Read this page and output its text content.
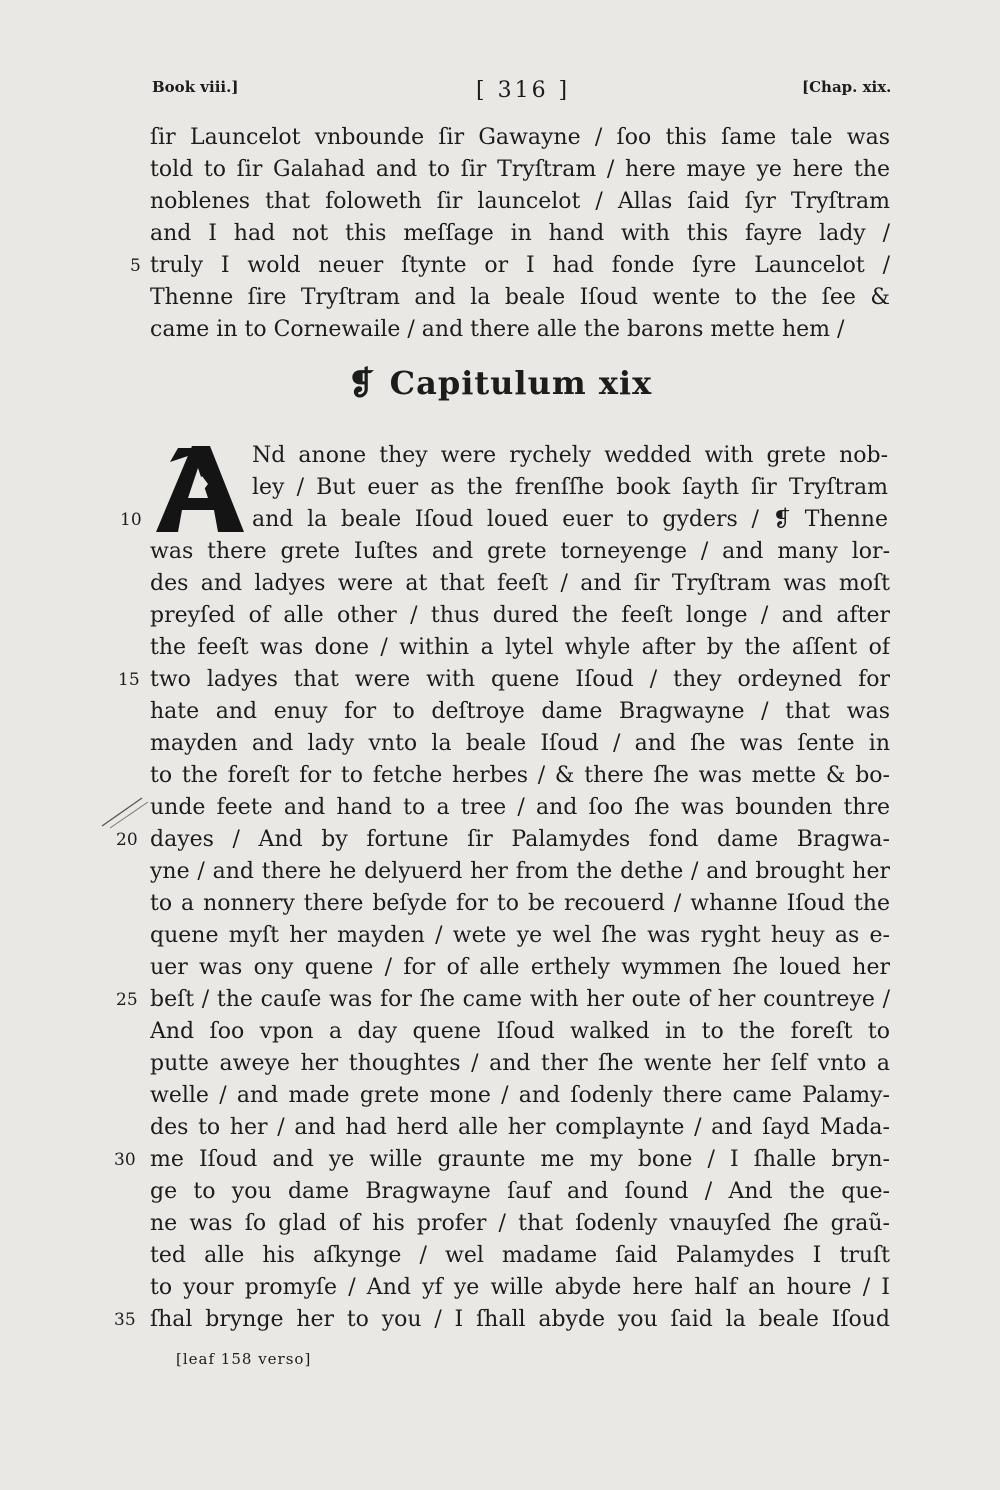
Book viii.]	[ 316 ]	[Chap. xix.
ſir Launcelot vnbounde ſir Gawayne / ſoo this ſame tale was
told to ſir Galahad and to ſir Tryſtram / here maye ye here the
noblenes that foloweth ſir launcelot / Allas ſaid ſyr Tryſtram
and I had not this meſſage in hand with this fayre lady /
truly I wold neuer ſtynte or I had fonde ſyre Launcelot /
Thenne ſire Tryſtram and la beale Iſoud wente to the ſee &
came in to Cornewaile / and there alle the barons mette hem /
5
❡ Capitulum xix
Nd anone they were rychely wedded with grete nob-
ley / But euer as the frenſſhe book ſayth ſir Tryſtram
and la beale Iſoud loued euer to gyders / ❡ Thenne
10
was there grete Iuſtes and grete torneyenge / and many lor-
des and ladyes were at that feeſt / and ſir Tryſtram was moſt
preyſed of alle other / thus dured the feeſt longe / and after
the feeſt was done / within a lytel whyle after by the aſſent of
two ladyes that were with quene Iſoud / they ordeyned for
hate and enuy for to deſtroye dame Bragwayne / that was
mayden and lady vnto la beale Iſoud / and ſhe was ſente in
to the foreſt for to fetche herbes / & there ſhe was mette & bo-
unde feete and hand to a tree / and ſoo ſhe was bounden thre
dayes / And by fortune ſir Palamydes fond dame Bragwa-
yne / and there he delyuerd her from the dethe / and brought her
to a nonnery there beſyde for to be recouerd / whanne Iſoud the
quene myſt her mayden / wete ye wel ſhe was ryght heuy as e-
uer was ony quene / for of alle erthely wymmen ſhe loued her
beſt / the cauſe was for ſhe came with her oute of her countreye /
And ſoo vpon a day quene Iſoud walked in to the foreſt to
putte aweye her thoughtes / and ther ſhe wente her ſelf vnto a
welle / and made grete mone / and ſodenly there came Palamy-
des to her / and had herd alle her complaynte / and ſayd Mada-
me Iſoud and ye wille graunte me my bone / I ſhalle bryn-
ge to you dame Bragwayne ſauf and ſound / And the que-
ne was ſo glad of his profer / that ſodenly vnauyſed ſhe graũ-
ted alle his aſkynge / wel madame ſaid Palamydes I truſt
to your promyſe / And yf ye wille abyde here half an houre / I
ſhal brynge her to you / I ſhall abyde you ſaid la beale Iſoud
15
20
25
30
35
[leaf 158 verso]
